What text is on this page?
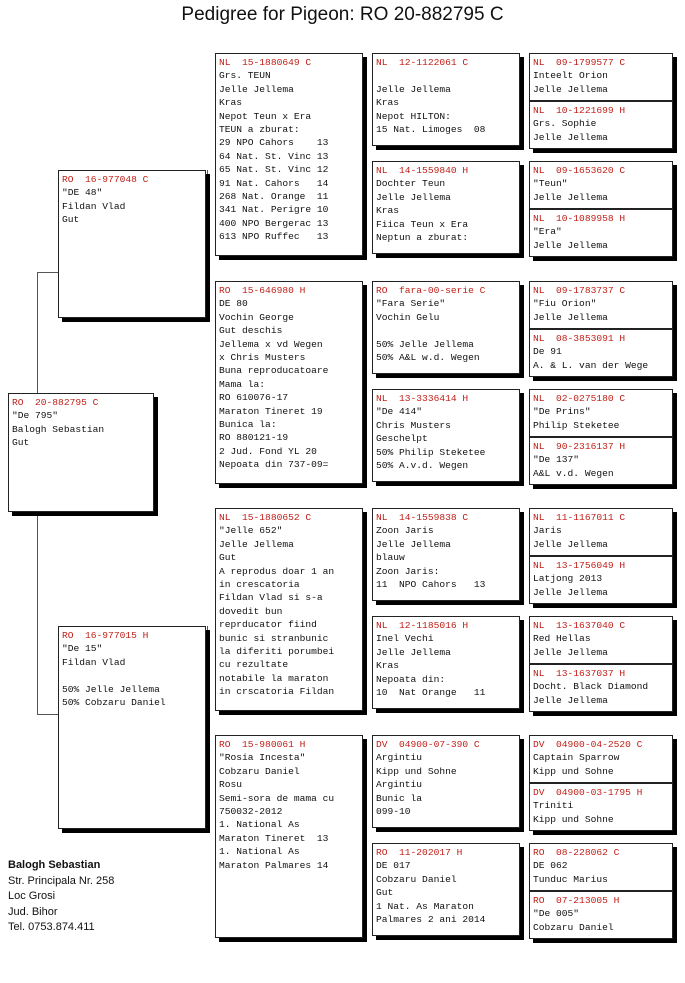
Pedigree for Pigeon: RO 20-882795 C
RO  20-882795 C
"De 795"
Balogh Sebastian
Gut
RO  16-977048 C
"DE 48"
Fildan Vlad
Gut
RO  16-977015 H
"De 15"
Fildan Vlad

50% Jelle Jellema
50% Cobzaru Daniel
NL  15-1880649 C
Grs. TEUN
Jelle Jellema
Kras
Nepot Teun x Era
TEUN a zburat:
29 NPO Cahors    13
64 Nat. St. Vinc 13
65 Nat. St. Vinc 12
91 Nat. Cahors   14
268 Nat. Orange  11
341 Nat. Perigre 10
400 NPO Bergerac 13
613 NPO Ruffec   13
RO  15-646980 H
DE 80
Vochin George
Gut deschis
Jellema x vd Wegen
x Chris Musters
Buna reproducatoare
Mama la:
RO 610076-17
Maraton Tineret 19
Bunica la:
RO 880121-19
2 Jud. Fond YL 20
Nepoata din 737-09=
NL  15-1880652 C
"Jelle 652"
Jelle Jellema
Gut
A reprodus doar 1 an
in crescatoria
Fildan Vlad si s-a
dovedit bun
reprducator fiind
bunic si stranbunic
la diferiti porumbei
cu rezultate
notabile la maraton
in crscatoria Fildan
RO  15-980061 H
"Rosia Incesta"
Cobzaru Daniel
Rosu
Semi-sora de mama cu
750032-2012
1. National As
Maraton Tineret  13
1. National As
Maraton Palmares 14
NL  12-1122061 C

Jelle Jellema
Kras
Nepot HILTON:
15 Nat. Limoges  08
NL  14-1559840 H
Dochter Teun
Jelle Jellema
Kras
Fiica Teun x Era
Neptun a zburat:
RO  fara-00-serie C
"Fara Serie"
Vochin Gelu

50% Jelle Jellema
50% A&L w.d. Wegen
NL  13-3336414 H
"De 414"
Chris Musters
Geschelpt
50% Philip Steketee
50% A.v.d. Wegen
NL  14-1559838 C
Zoon Jaris
Jelle Jellema
blauw
Zoon Jaris:
11  NPO Cahors   13
NL  12-1185016 H
Inel Vechi
Jelle Jellema
Kras
Nepoata din:
10  Nat Orange   11
DV  04900-07-390 C
Argintiu
Kipp und Sohne
Argintiu
Bunic la
099-10
RO  11-202017 H
DE 017
Cobzaru Daniel
Gut
1 Nat. As Maraton
Palmares 2 ani 2014
NL  09-1799577 C
Inteelt Orion
Jelle Jellema
NL  10-1221699 H
Grs. Sophie
Jelle Jellema
NL  09-1653620 C
"Teun"
Jelle Jellema
NL  10-1089958 H
"Era"
Jelle Jellema
NL  09-1783737 C
"Fiu Orion"
Jelle Jellema
NL  08-3853091 H
De 91
A. & L. van der Wege
NL  02-0275180 C
"De Prins"
Philip Steketee
NL  90-2316137 H
"De 137"
A&L v.d. Wegen
NL  11-1167011 C
Jaris
Jelle Jellema
NL  13-1756049 H
Latjong 2013
Jelle Jellema
NL  13-1637040 C
Red Hellas
Jelle Jellema
NL  13-1637037 H
Docht. Black Diamond
Jelle Jellema
DV  04900-04-2520 C
Captain Sparrow
Kipp und Sohne
DV  04900-03-1795 H
Triniti
Kipp und Sohne
RO  08-228062 C
DE 062
Tunduc Marius
RO  07-213005 H
"De 005"
Cobzaru Daniel
Balogh Sebastian
Str. Principala Nr. 258
Loc Grosi
Jud. Bihor
Tel. 0753.874.411
